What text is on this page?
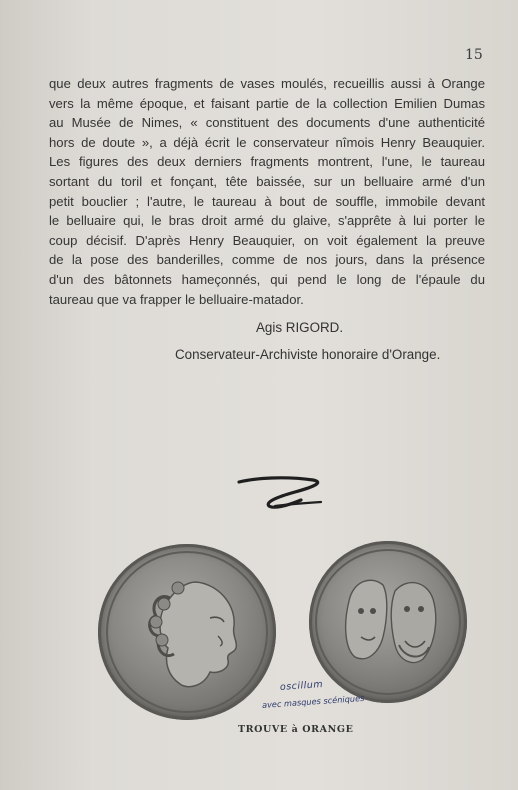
15
que deux autres fragments de vases moulés, recueillis aussi à Orange
vers la même époque, et faisant partie de la collection Emilien Dumas
au Musée de Nimes, « constituent des documents d'une authenticité
hors de doute », a déjà écrit le conservateur nîmois Henry Beauquier.
Les figures des deux derniers fragments montrent, l'une, le taureau
sortant du toril et fonçant, tête baissée, sur un belluaire armé d'un
petit bouclier ; l'autre, le taureau à bout de souffle, immobile devant
le belluaire qui, le bras droit armé du glaive, s'apprête à lui porter le
coup décisif. D'après Henry Beauquier, on voit également la preuve
de la pose des banderilles, comme de nos jours, dans la présence
d'un des bâtonnets hameçonnés, qui pend le long de l'épaule du
taureau que va frapper le belluaire-matador.
Agis RIGORD.
Conservateur-Archiviste honoraire d'Orange.
oscillum
avec masques scéniques
TROUVE à ORANGE
